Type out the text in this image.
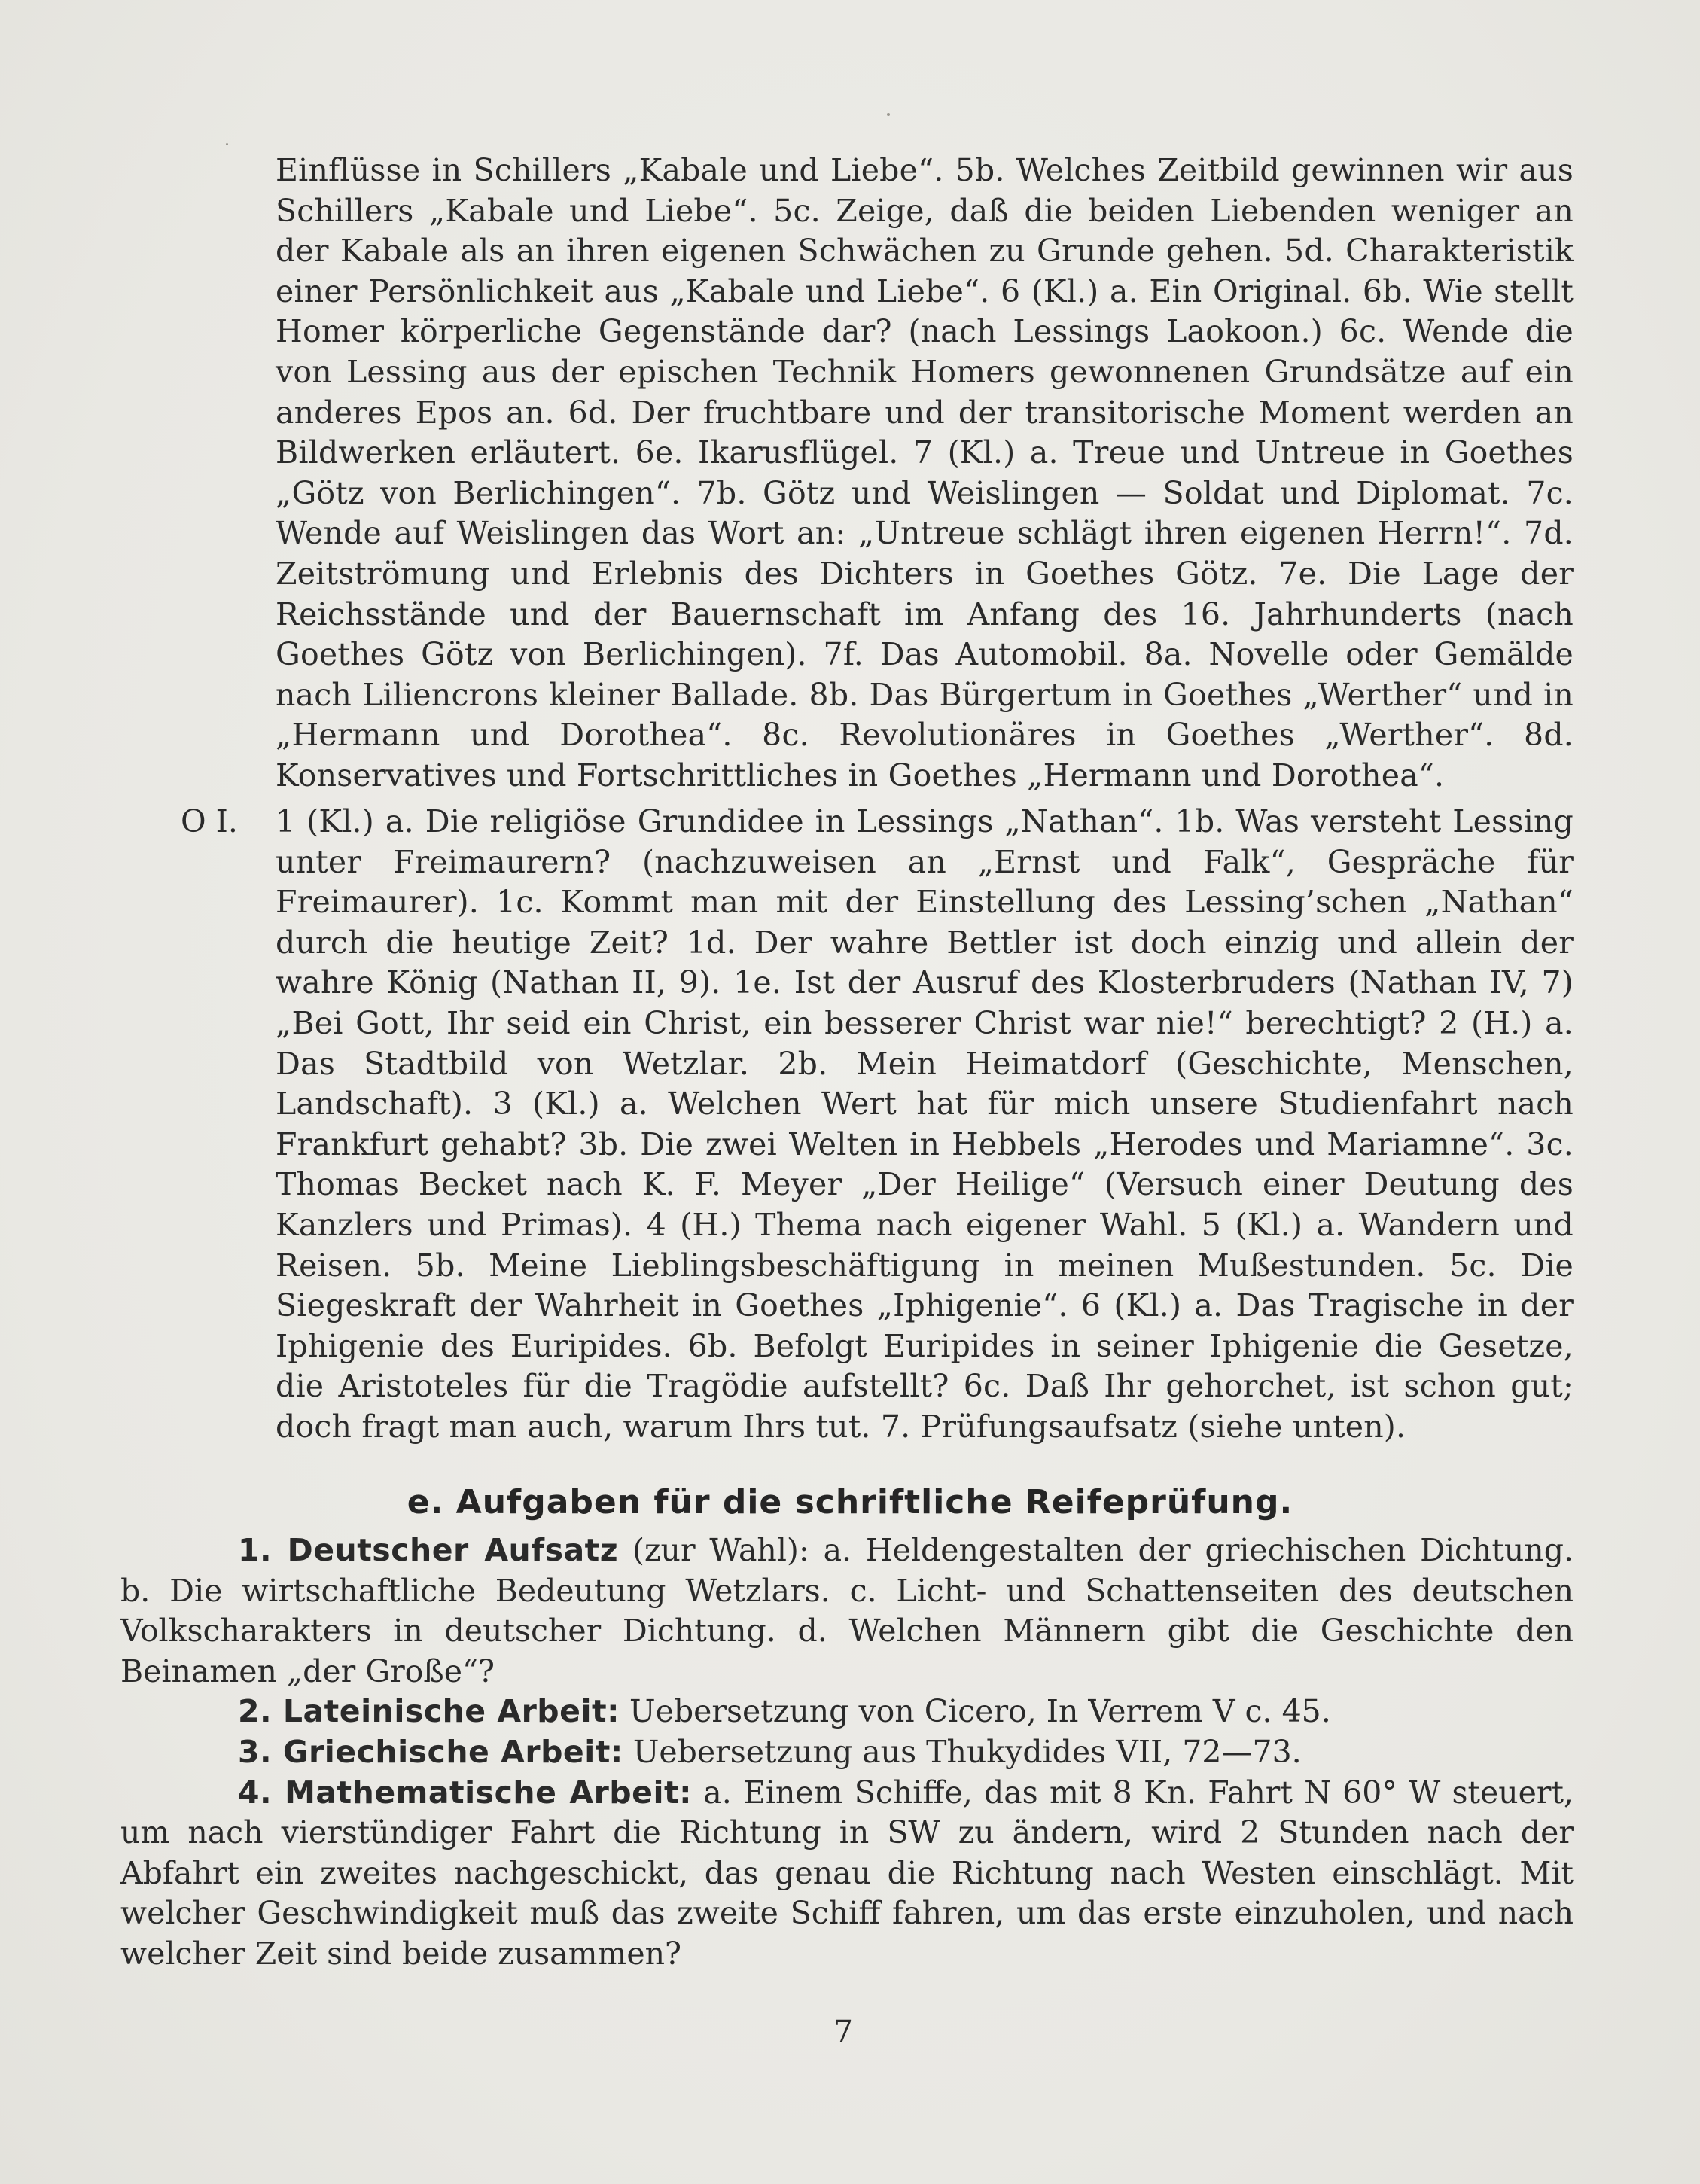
Einflüsse in Schillers „Kabale und Liebe“. 5b. Welches Zeitbild gewinnen wir aus Schillers „Kabale und Liebe“. 5c. Zeige, daß die beiden Liebenden weniger an der Kabale als an ihren eigenen Schwächen zu Grunde gehen. 5d. Charakteristik einer Persönlichkeit aus „Kabale und Liebe“. 6 (Kl.) a. Ein Original. 6b. Wie stellt Homer körperliche Gegenstände dar? (nach Lessings Laokoon.) 6c. Wende die von Lessing aus der epischen Technik Homers gewonnenen Grundsätze auf ein anderes Epos an. 6d. Der fruchtbare und der transitorische Moment werden an Bildwerken erläutert. 6e. Ikarusflügel. 7 (Kl.) a. Treue und Untreue in Goethes „Götz von Berlichingen“. 7b. Götz und Weislingen — Soldat und Diplomat. 7c. Wende auf Weislingen das Wort an: „Untreue schlägt ihren eigenen Herrn!“. 7d. Zeitströmung und Erlebnis des Dichters in Goethes Götz. 7e. Die Lage der Reichsstände und der Bauernschaft im Anfang des 16. Jahrhunderts (nach Goethes Götz von Berlichingen). 7f. Das Automobil. 8a. Novelle oder Gemälde nach Liliencrons kleiner Ballade. 8b. Das Bürgertum in Goethes „Werther“ und in „Hermann und Dorothea“. 8c. Revolutionäres in Goethes „Werther“. 8d. Konservatives und Fortschrittliches in Goethes „Hermann und Dorothea“.

O I.	1 (Kl.) a. Die religiöse Grundidee in Lessings „Nathan“. 1b. Was versteht Lessing unter Freimaurern? (nachzuweisen an „Ernst und Falk“, Gespräche für Freimaurer). 1c. Kommt man mit der Einstellung des Lessing’schen „Nathan“ durch die heutige Zeit? 1d. Der wahre Bettler ist doch einzig und allein der wahre König (Nathan II, 9). 1e. Ist der Ausruf des Klosterbruders (Nathan IV, 7) „Bei Gott, Ihr seid ein Christ, ein besserer Christ war nie!“ berechtigt? 2 (H.) a. Das Stadtbild von Wetzlar. 2b. Mein Heimatdorf (Geschichte, Menschen, Landschaft). 3 (Kl.) a. Welchen Wert hat für mich unsere Studienfahrt nach Frankfurt gehabt? 3b. Die zwei Welten in Hebbels „Herodes und Mariamne“. 3c. Thomas Becket nach K. F. Meyer „Der Heilige“ (Versuch einer Deutung des Kanzlers und Primas). 4 (H.) Thema nach eigener Wahl. 5 (Kl.) a. Wandern und Reisen. 5b. Meine Lieblingsbeschäftigung in meinen Mußestunden. 5c. Die Siegeskraft der Wahrheit in Goethes „Iphigenie“. 6 (Kl.) a. Das Tragische in der Iphigenie des Euripides. 6b. Befolgt Euripides in seiner Iphigenie die Gesetze, die Aristoteles für die Tragödie aufstellt? 6c. Daß Ihr gehorchet, ist schon gut; doch fragt man auch, warum Ihrs tut. 7. Prüfungsaufsatz (siehe unten).

e. Aufgaben für die schriftliche Reifeprüfung.

1. Deutscher Aufsatz (zur Wahl): a. Heldengestalten der griechischen Dichtung. b. Die wirtschaftliche Bedeutung Wetzlars. c. Licht- und Schattenseiten des deutschen Volkscharakters in deutscher Dichtung. d. Welchen Männern gibt die Geschichte den Beinamen „der Große“?

2. Lateinische Arbeit: Uebersetzung von Cicero, In Verrem V c. 45.

3. Griechische Arbeit: Uebersetzung aus Thukydides VII, 72—73.

4. Mathematische Arbeit: a. Einem Schiffe, das mit 8 Kn. Fahrt N 60° W steuert, um nach vierstündiger Fahrt die Richtung in SW zu ändern, wird 2 Stunden nach der Abfahrt ein zweites nachgeschickt, das genau die Richtung nach Westen einschlägt. Mit welcher Geschwindigkeit muß das zweite Schiff fahren, um das erste einzuholen, und nach welcher Zeit sind beide zusammen?

7
